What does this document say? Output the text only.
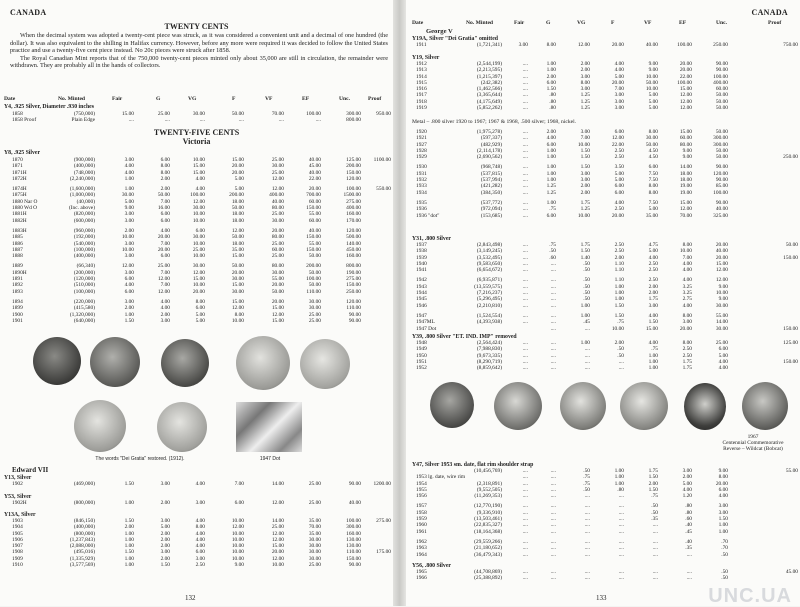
CANADA
TWENTY CENTS

When the decimal system was adopted a twenty-cent piece was struck, as it was considered a convenient unit and a decimal of one hundred (the dollar). It was also equivalent to the shilling in Halifax currency. However, before any more were required it was decided to follow the United States practice and use a twenty-five cent piece instead. No 20c pieces were struck after 1858.

The Royal Canadian Mint reports that of the 750,000 twenty-cent pieces minted only about 35,000 are still in circulation, the remainder were withdrawn. They are probably all in the hands of collectors.

Date	No. Minted	Fair	G	VG	F	VF	EF	Unc.	Proof
Y4, .925 Silver, Diameter .930 inches
1858	(750,000)	15.00	25.00	30.00	50.00	70.00	100.00	300.00	950.00
1858 Proof	Plain Edge	....	....	....	....	....	....	800.00
TWENTY-FIVE CENTS
Victoria
Y8, .925 Silver
1870	(900,000)	3.00	6.00	10.00	15.00	25.00	40.00	125.00 1100.00
1871	(400,000)	4.00	8.00	15.00	20.00	30.00	45.00	200.00
1871H	(748,000)	4.00	8.00	15.00	20.00	25.00	40.00	150.00
1872H	(2,240,000)	1.00	2.00	4.00	5.00	12.00	22.00	120.00
1874H	(1,600,000)	1.00	2.00	4.00	5.00	12.00	20.00	100.00	550.00
1875H	(1,000,000)	30.00	50.00	100.00	200.00	400.00	700.00	1500.00
1880 Nar O	(40,000)	5.00	7.00	12.00	18.00	40.00	60.00	275.00
1880 Wd O	(Inc. above)	9.00	16.00	30.00	50.00	80.00	150.00	400.00
1881H	(820,000)	3.00	6.00	10.00	18.00	25.00	55.00	160.00
1882H	(600,000)	3.00	6.00	10.00	18.00	30.00	60.00	170.00
1883H	(960,000)	2.00	4.00	6.00	12.00	20.00	40.00	120.00
1885	(192,000)	10.00	20.00	30.00	50.00	80.00	150.00	500.00
1886	(540,000)	3.00	7.00	10.00	18.00	25.00	55.00	140.00
1887	(100,000)	10.00	20.00	25.00	35.00	60.00	150.00	450.00
1888	(400,000)	3.00	6.00	10.00	15.00	25.00	50.00	160.00
1889	(66,340)	12.00	25.00	30.00	50.00	80.00	200.00	800.00
1890H	(200,000)	3.00	7.00	12.00	20.00	30.00	50.00	190.00
1891	(120,000)	6.00	12.00	15.00	30.00	55.00	100.00	275.00
1892	(510,000)	4.00	7.00	10.00	15.00	20.00	50.00	150.00
1893	(100,000)	6.00	12.00	20.00	30.00	50.00	110.00	250.00
1894	(220,000)	3.00	4.00	8.00	15.00	20.00	30.00	120.00
1899	(415,580)	2.00	4.00	6.00	12.00	15.00	30.00	110.00
1900	(1,320,000)	1.00	2.00	5.00	8.00	12.00	25.00	90.00
1901	(640,000)	1.50	3.00	5.00	10.00	15.00	25.00	90.00
The words "Dei Gratia" restored. (1912).	1947 Dot
Edward VII
Y13, Silver
1902	(469,000)	1.50	3.00	4.00	7.00	14.00	25.00	90.00 1200.00
Y53, Silver
1902H	(800,000)	1.00	2.00	3.00	6.00	12.00	25.00	40.00
Y13A, Silver
1903	(846,150)	1.50	3.00	4.00	10.00	14.00	35.00	100.00	275.00
1904	(400,000)	2.00	5.00	8.00	12.00	25.00	70.00	300.00
1905	(800,000)	1.00	2.00	4.00	10.00	12.00	35.00	160.00
1906	(1,237,843)	1.00	2.00	4.00	10.00	12.00	30.00	130.00
1907	(2,088,000)	1.00	2.00	4.00	10.00	15.00	30.00	130.00
1908	(495,016)	1.50	3.00	6.00	10.00	20.00	30.00	110.00	175.00
1909	(1,335,929)	1.00	2.00	3.00	10.00	12.00	30.00	150.00
1910	(3,577,569)	1.00	1.50	2.50	9.00	10.00	25.00	90.00
132
CANADA
Date	No. Minted	Fair	G	VG	F	VF	EF	Unc.	Proof
George V
Y19A, Silver "Dei Gratia" omitted
1911	(1,721,341)	3.00	8.00	12.00	20.00	40.00	100.00	250.00	750.00
Y19, Silver
1912	(2,544,199)	....	1.00	2.00	4.00	9.00	20.00	90.00
1913	(2,213,595)	....	1.00	2.00	4.00	9.00	20.00	90.00
1914	(1,215,397)	....	2.00	3.00	5.00	10.00	22.00	100.00
1915	(242,382)	....	6.00	8.00	20.00	50.00	100.00	400.00
1916	(1,462,566)	....	1.50	3.00	7.00	10.00	15.00	60.00
1917	(3,365,644)	....	.80	1.25	3.00	5.00	12.00	50.00
1918	(4,175,649)	....	.80	1.25	3.00	5.00	12.00	50.00
1919	(5,852,262)	....	.80	1.25	3.00	5.00	12.00	50.00
Metal – .800 silver 1920 to 1967; 1967 & 1968, .500 silver; 1968, nickel.
1920	(1,975,278)	....	2.00	3.00	6.00	8.00	15.00	50.00
1921	(597,337)	....	4.00	7.00	12.00	30.00	60.00	300.00
1927	(482,929)	....	6.00	10.00	22.00	50.00	80.00	300.00
1928	(2,114,178)	....	1.00	1.50	2.50	4.50	9.00	50.00
1929	(2,690,562)	....	1.00	1.50	2.50	4.50	9.00	50.00	250.00
1930	(968,748)	....	1.00	1.50	3.50	6.00	14.00	90.00
1931	(537,815)	....	1.00	3.00	5.00	7.50	18.00	120.00
1932	(537,994)	....	1.00	3.00	5.00	7.50	18.00	90.00
1933	(421,282)	....	1.25	2.00	6.00	8.00	19.00	85.00
1934	(384,350)	....	1.25	2.00	6.00	8.00	19.00	100.00
1935	(537,772)	....	1.00	1.75	4.00	7.50	15.00	90.00
1936	(972,094)	....	.75	1.25	2.50	5.00	12.00	40.00
1936 "dot"	(153,685)	....	6.00	10.00	20.00	35.00	70.00	325.00
Y31, .800 Silver
1937	(2,843,498)	....	.75	1.75	2.50	4.75	8.00	20.00	50.00
1938	(3,149,245)	....	.50	1.50	2.50	5.00	10.00	40.00
1939	(3,532,495)	....	.60	1.40	2.00	4.00	7.00	20.00	150.00
1940	(9,583,650)	....	....	.50	1.10	2.50	4.00	15.00
1941	(6,654,672)	....	....	.50	1.10	2.50	4.00	12.00
1942	(6,935,871)	....	....	.50	1.10	2.50	4.00	12.00
1943	(13,559,575)	....	....	.50	1.00	2.00	3.25	9.00
1944	(7,216,237)	....	....	.50	1.00	2.00	3.25	10.00
1945	(5,296,495)	....	....	.50	1.00	1.75	2.75	9.00
1946	(2,210,810)	....	....	1.00	1.50	3.00	4.00	30.00
1947	(1,524,554)	....	....	1.00	1.50	4.00	8.00	55.00
1947ML	(4,393,938)	....	....	.45	.75	1.50	3.00	14.00
1947 Dot	....	....	10.00	15.00	20.00	30.00	150.00
Y39, .800 Silver "ET. IND. IMP" removed
1948	(2,564,424)	....	....	1.00	2.00	4.00	8.00	25.00	125.00
1949	(7,988,830)	....	....	....	.50	.75	2.50	6.00
1950	(9,673,335)	....	....	....	.50	1.00	2.50	5.00
1951	(8,290,719)	....	....	....	....	1.00	1.75	4.00	150.00
1952	(8,859,642)	....	....	....	....	1.00	1.75	4.00
1967
Centennial Commemorative
Reverse – Wildcat (Bobcat)
Y47, Silver 1953 sm. date, flat rim shoulder strap
(10,456,769)	....	....	.50	1.00	1.75	3.00	9.00	55.00
1953 lg. date, wire rim	....	....	.75	1.00	1.50	2.00	8.00
1954	(2,318,891)	....	....	.75	1.00	2.00	5.00	20.00
1955	(9,552,505)	....	....	.50	.80	1.50	4.00	6.00
1956	(11,269,353)	....	....	....	....	.75	1.20	4.00
1957	(12,770,190)	....	....	....	....	.50	.80	3.00
1958	(9,336,910)	....	....	....	....	.50	.80	3.00
1959	(13,503,461)	....	....	....	....	.35	.60	1.50
1960	(22,835,327)	....	....	....	....	....	.40	1.00
1961	(18,164,368)	....	....	....	....	....	.45	1.00
1962	(29,559,266)	....	....	....	....	....	.40	.70
1963	(21,180,652)	....	....	....	....	....	.35	.70
1964	(36,479,343)	....	....	....	....	....	....	.50
Y56, .800 Silver
1965	(44,708,869)	....	....	....	....	....	....	.50	45.00
1966	(25,388,892)	....	....	....	....	....	....	.50
133	UNC.UA
